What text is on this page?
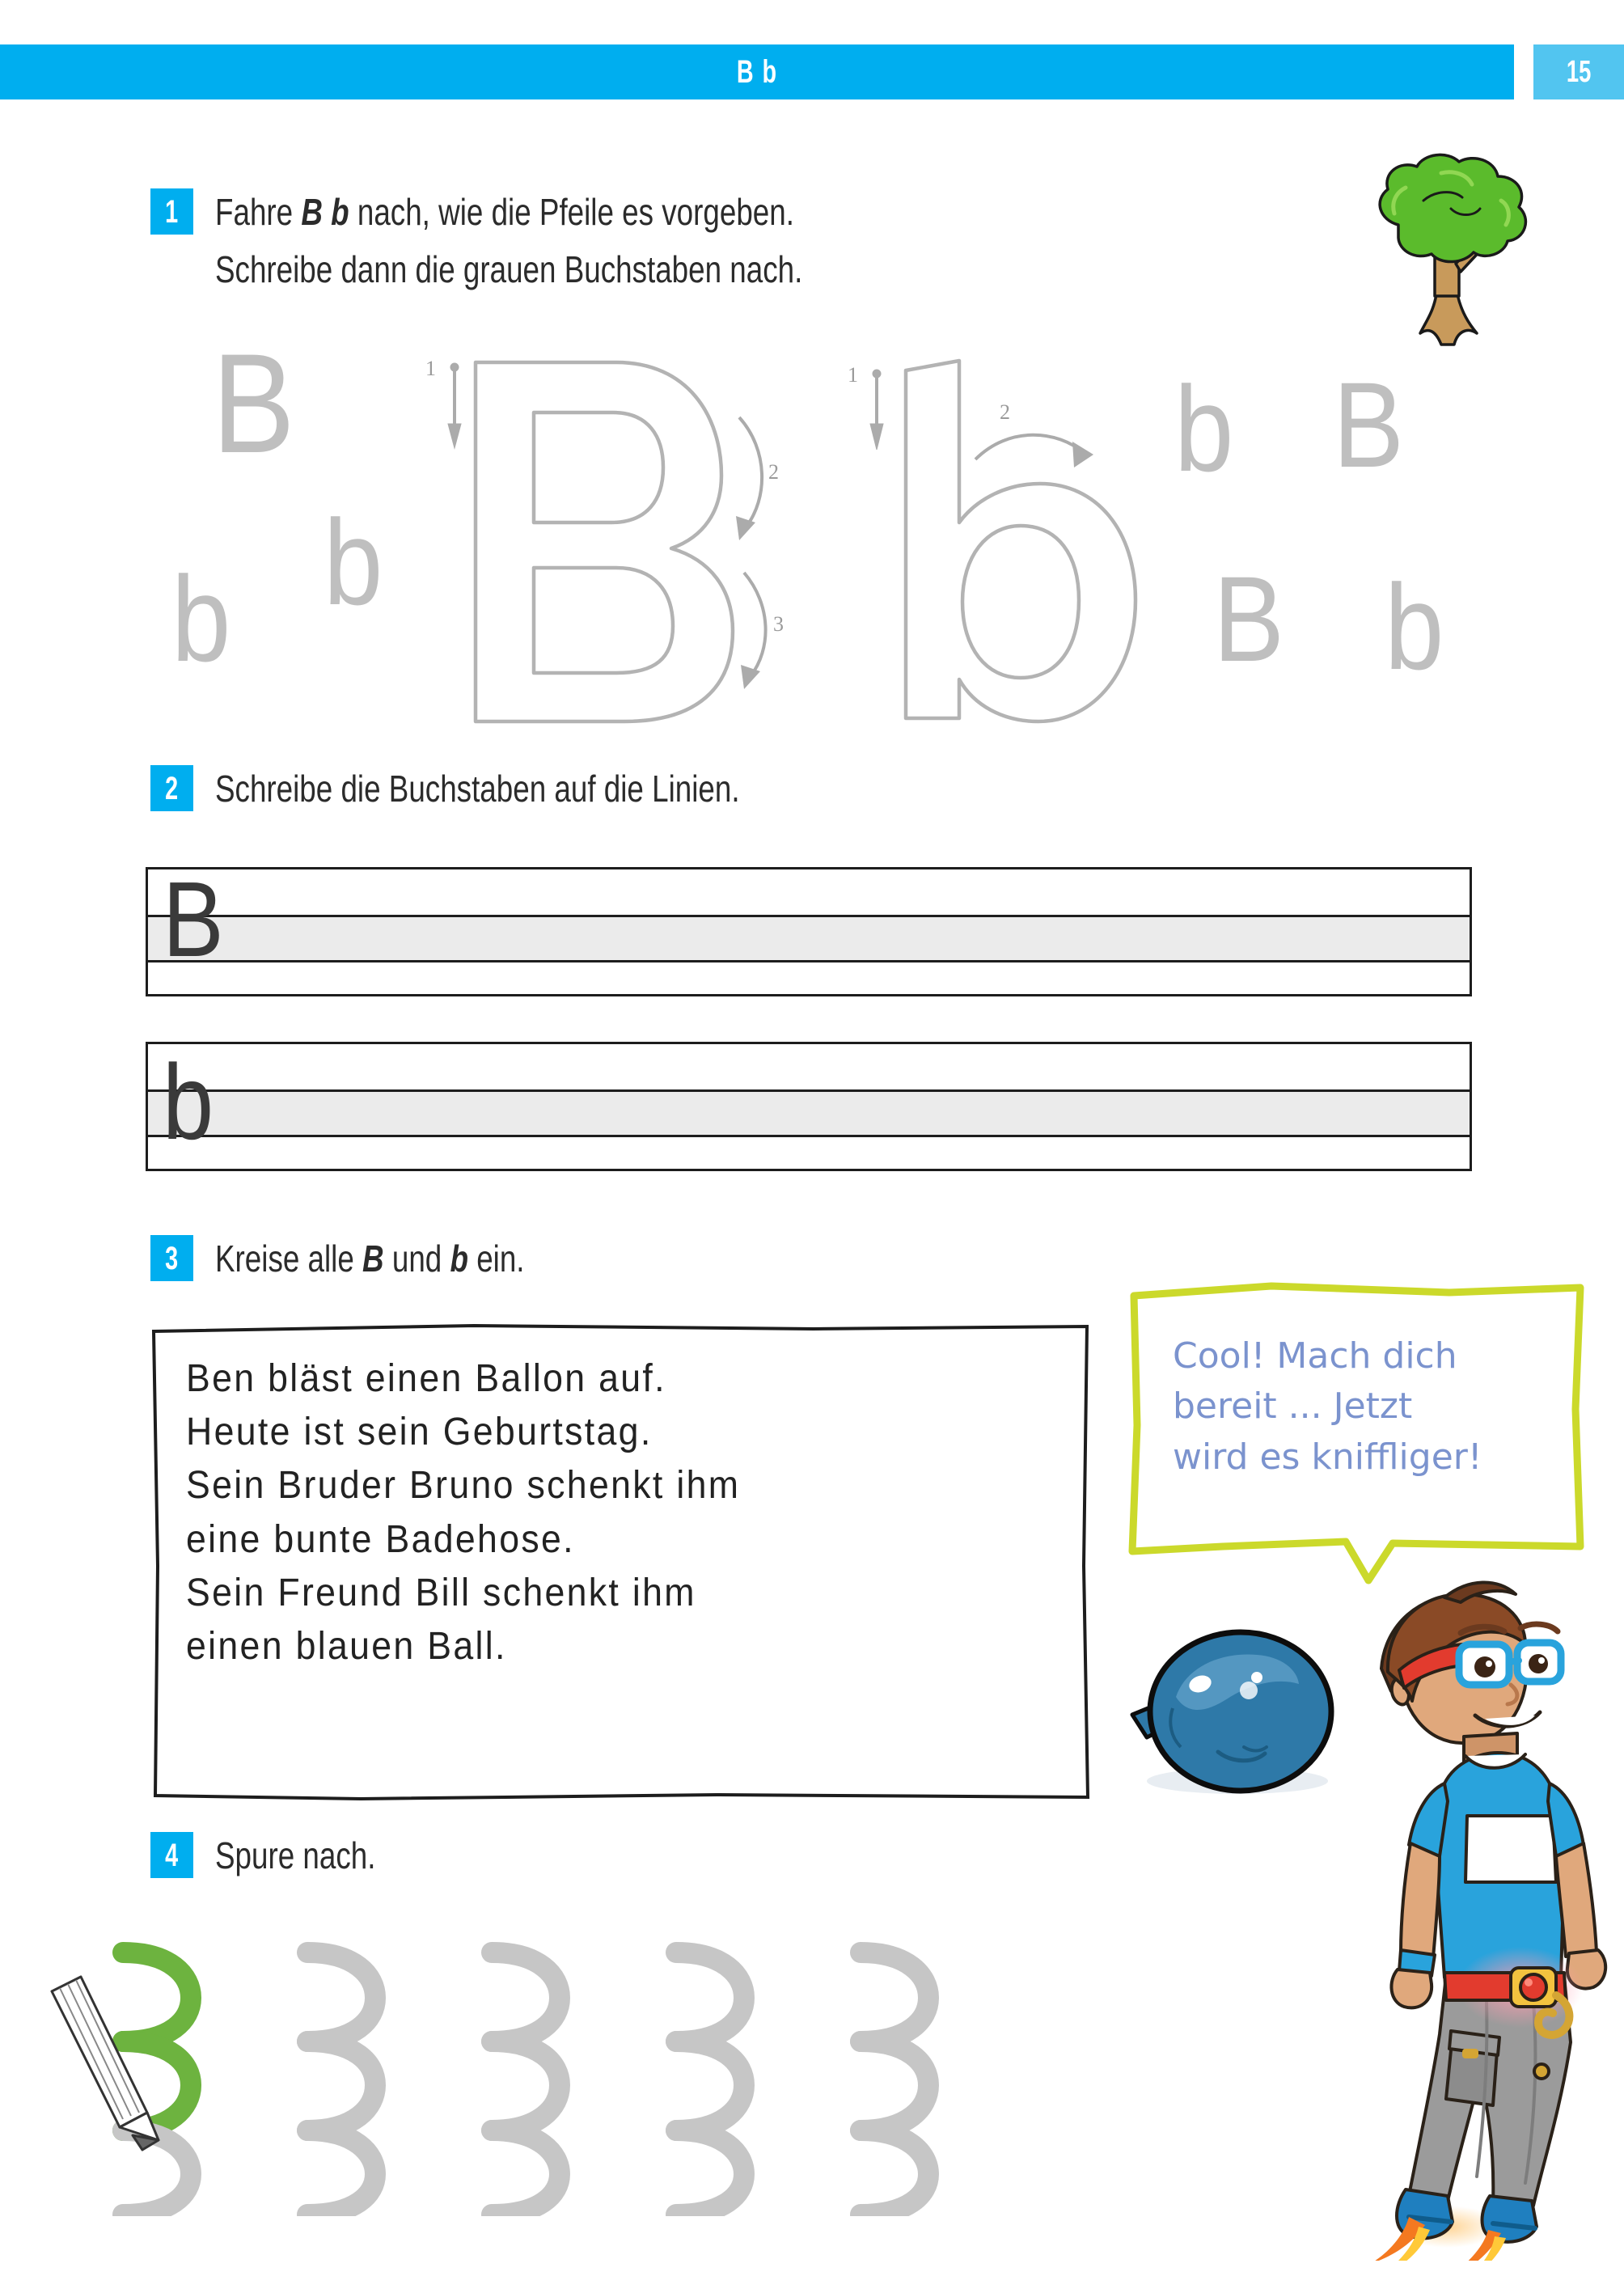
B b	15
1 Fahre B b nach, wie die Pfeile es vorgeben.
Schreibe dann die grauen Buchstaben nach.
B
b
b
b B
B b
1
2
3
1
2
2 Schreibe die Buchstaben auf die Linien.
B
b
3 Kreise alle B und b ein.
Ben bläst einen Ballon auf.
Heute ist sein Geburtstag.
Sein Bruder Bruno schenkt ihm
eine bunte Badehose.
Sein Freund Bill schenkt ihm
einen blauen Ball.
Cool! Mach dich
bereit ... Jetzt
wird es kniffliger!
4 Spure nach.
